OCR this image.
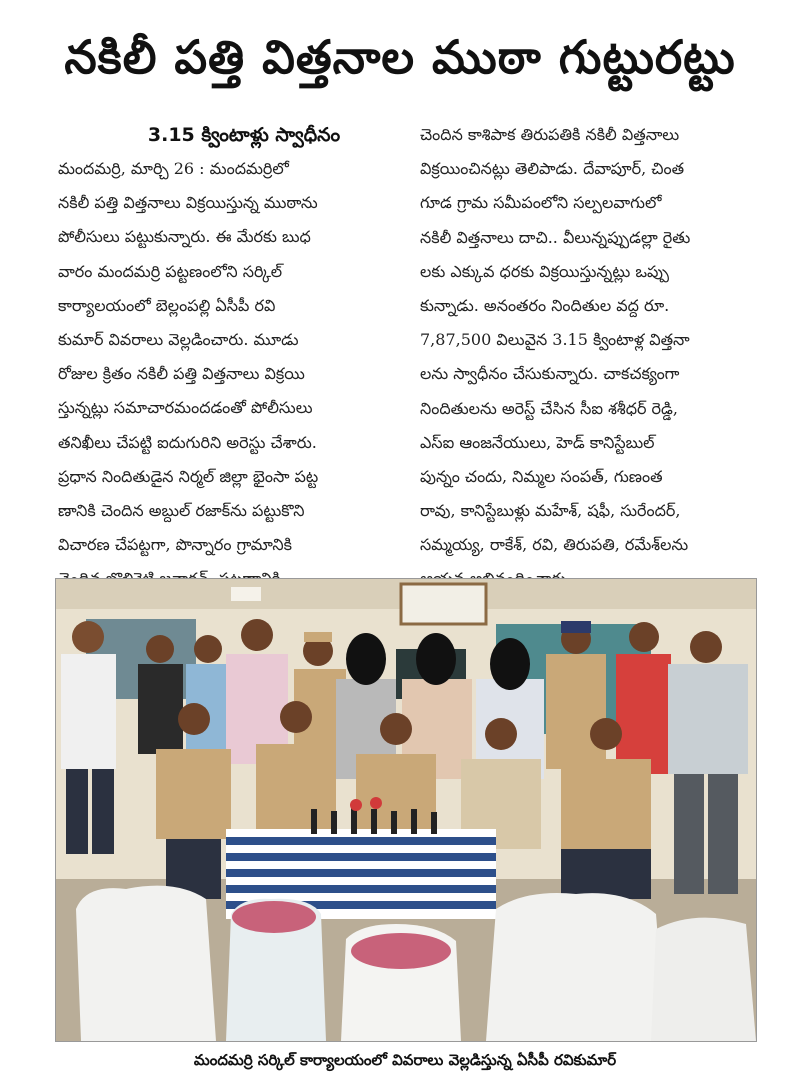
నకిలీ పత్తి విత్తనాల ముఠా గుట్టురట్టు
3.15 క్వింటాళ్లు స్వాధీనం
మందమర్రి, మార్చి 26 : మందమర్రిలో
నకిలీ పత్తి విత్తనాలు విక్రయిస్తున్న ముఠాను
పోలీసులు పట్టుకున్నారు. ఈ మేరకు బుధ
వారం మందమర్రి పట్టణంలోని సర్కిల్
కార్యాలయంలో బెల్లంపల్లి ఏసీపీ రవి
కుమార్ వివరాలు వెల్లడించారు. మూడు
రోజుల క్రితం నకిలీ పత్తి విత్తనాలు విక్రయి
స్తున్నట్లు సమాచారమందడంతో పోలీసులు
తనిఖీలు చేపట్టి ఐదుగురిని అరెస్టు చేశారు.
ప్రధాన నిందితుడైన నిర్మల్ జిల్లా భైంసా పట్ట
ణానికి చెందిన అబ్దుల్ రజాక్‌ను పట్టుకొని
విచారణ చేపట్టగా, పొన్నారం గ్రామానికి
చెందిన కాశిపాక తిరుపతికి నకిలీ విత్తనాలు
విక్రయించినట్లు తెలిపాడు. దేవాపూర్, చింత
గూడ గ్రామ సమీపంలోని సల్పలవాగులో
నకిలీ విత్తనాలు దాచి.. వీలున్నప్పుడల్లా రైతు
లకు ఎక్కువ ధరకు విక్రయిస్తున్నట్లు ఒప్పు
కున్నాడు. అనంతరం నిందితుల వద్ద రూ.
7,87,500 విలువైన 3.15 క్వింటాళ్ల విత్తనా
లను స్వాధీనం చేసుకున్నారు. చాకచక్యంగా
నిందితులను అరెస్ట్ చేసిన సీఐ శశీధర్ రెడ్డి,
ఎస్ఐ ఆంజనేయులు, హెడ్ కానిస్టేబుల్
పున్నం చందు, నిమ్మల సంపత్, గుణంత
రావు, కానిస్టేబుళ్లు మహేశ్, షఫీ, సురేందర్,
సమ్మయ్య, రాకేశ్, రవి, తిరుపతి, రమేశ్‌లను
మందమర్రి సర్కిల్ కార్యాలయంలో వివరాలు వెల్లడిస్తున్న ఏసీపీ రవికుమార్
